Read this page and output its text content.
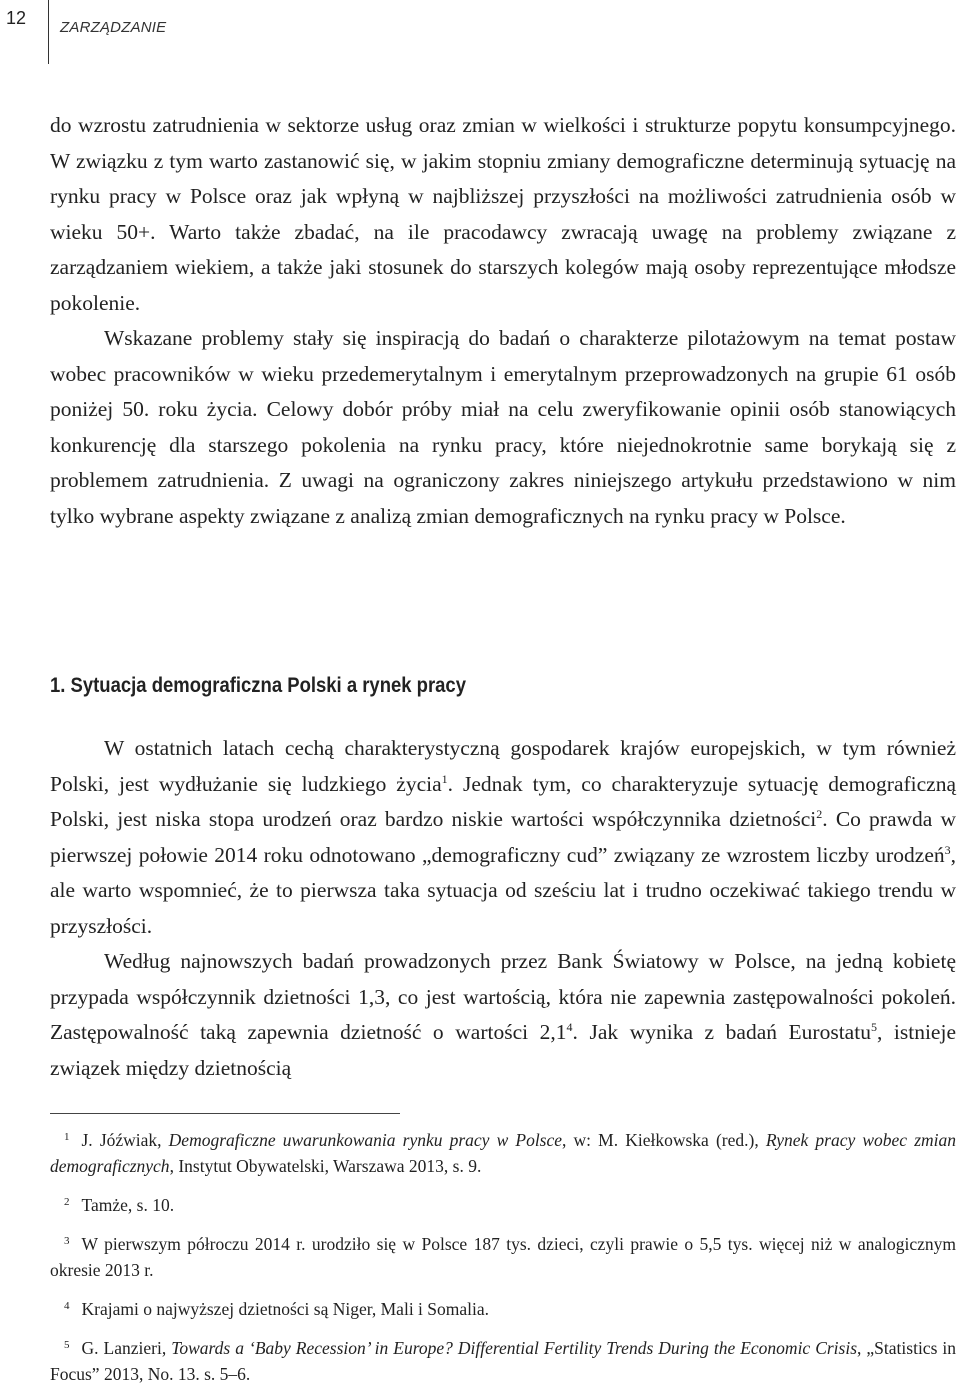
12 ZARZĄDZANIE

do wzrostu zatrudnienia w sektorze usług oraz zmian w wielkości i strukturze popytu konsumpcyjnego. W związku z tym warto zastanowić się, w jakim stopniu zmiany demograficzne determinują sytuację na rynku pracy w Polsce oraz jak wpłyną w najbliższej przyszłości na możliwości zatrudnienia osób w wieku 50+. Warto także zbadać, na ile pracodawcy zwracają uwagę na problemy związane z zarządzaniem wiekiem, a także jaki stosunek do starszych kolegów mają osoby reprezentujące młodsze pokolenie.

Wskazane problemy stały się inspiracją do badań o charakterze pilotażowym na temat postaw wobec pracowników w wieku przedemerytalnym i emerytalnym przeprowadzonych na grupie 61 osób poniżej 50. roku życia. Celowy dobór próby miał na celu zweryfikowanie opinii osób stanowiących konkurencję dla starszego pokolenia na rynku pracy, które niejednokrotnie same borykają się z problemem zatrudnienia. Z uwagi na ograniczony zakres niniejszego artykułu przedstawiono w nim tylko wybrane aspekty związane z analizą zmian demograficznych na rynku pracy w Polsce.

1. Sytuacja demograficzna Polski a rynek pracy

W ostatnich latach cechą charakterystyczną gospodarek krajów europejskich, w tym również Polski, jest wydłużanie się ludzkiego życia$^1$. Jednak tym, co charakteryzuje sytuację demograficzną Polski, jest niska stopa urodzeń oraz bardzo niskie wartości współczynnika dzietności$^2$. Co prawda w pierwszej połowie 2014 roku odnotowano „demograficzny cud” związany ze wzrostem liczby urodzeń$^3$, ale warto wspomnieć, że to pierwsza taka sytuacja od sześciu lat i trudno oczekiwać takiego trendu w przyszłości.

Według najnowszych badań prowadzonych przez Bank Światowy w Polsce, na jedną kobietę przypada współczynnik dzietności 1,3, co jest wartością, która nie zapewnia zastępowalności pokoleń. Zastępowalność taką zapewnia dzietność o wartości 2,1$^4$. Jak wynika z badań Eurostatu$^5$, istnieje związek między dzietnością

$^1$ J. Jóźwiak, Demograficzne uwarunkowania rynku pracy w Polsce, w: M. Kiełkowska (red.), Rynek pracy wobec zmian demograficznych, Instytut Obywatelski, Warszawa 2013, s. 9.

$^2$ Tamże, s. 10.

$^3$ W pierwszym półroczu 2014 r. urodziło się w Polsce 187 tys. dzieci, czyli prawie o 5,5 tys. więcej niż w analogicznym okresie 2013 r.

$^4$ Krajami o najwyższej dzietności są Niger, Mali i Somalia.

$^5$ G. Lanzieri, Towards a ‘Baby Recession’ in Europe? Differential Fertility Trends During the Economic Crisis, „Statistics in Focus” 2013, No. 13. s. 5–6.
